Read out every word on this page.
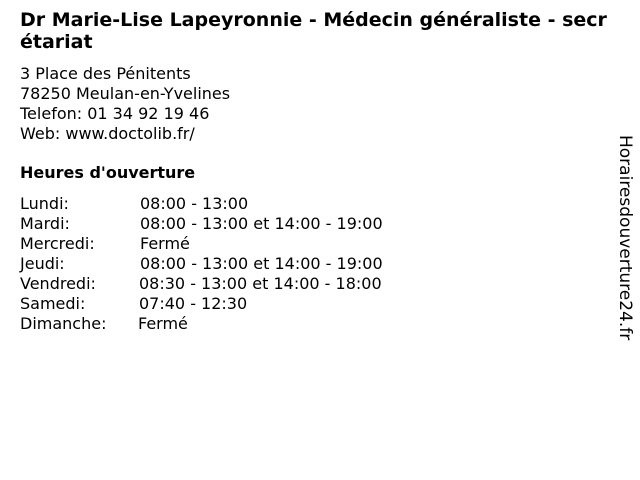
Dr Marie-Lise Lapeyronnie - Médecin généraliste - secrétariat
3 Place des Pénitents
78250 Meulan-en-Yvelines
Telefon: 01 34 92 19 46
Web: www.doctolib.fr/
Heures d'ouverture
Lundi:	08:00 - 13:00
Mardi:	08:00 - 13:00 et 14:00 - 19:00
Mercredi:	Fermé
Jeudi:	08:00 - 13:00 et 14:00 - 19:00
Vendredi:	08:30 - 13:00 et 14:00 - 18:00
Samedi:	07:40 - 12:30
Dimanche: Fermé	Horairesdouverture24.fr
